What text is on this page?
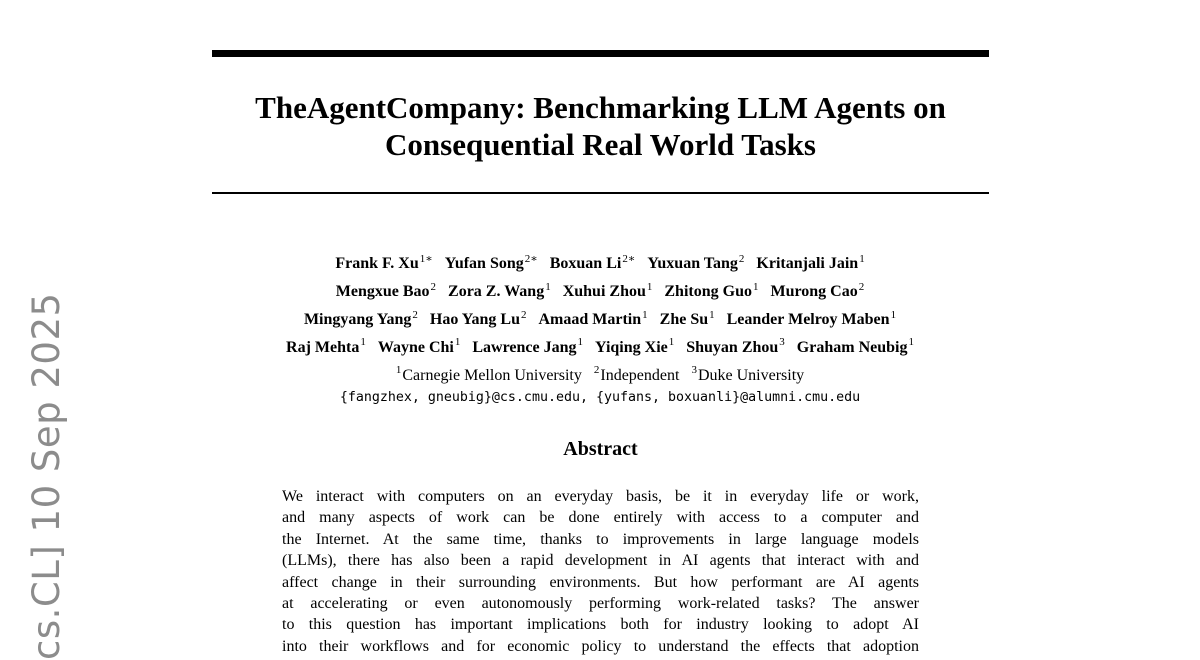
TheAgentCompany: Benchmarking LLM Agents on
Consequential Real World Tasks
Frank F. $Xu^{1∗}$ Yufan Song$^{2∗}$ Boxuan $Li^{2∗}$ Yuxuan Tang$^2$ Kritanjali Jain$^1$
Mengxue Bao$^2$ Zora Z. Wang$^1$ Xuhui Zhou$^1$ Zhitong Guo$^1$ Murong Cao$^2$
Mingyang Yang$^2$ Hao Yang Lu$^2$ Amaad Martin$^1$ Zhe Su$^1$ Leander Melroy Maben$^1$
Raj Mehta$^1$ Wayne Chi$^1$ Lawrence Jang$^1$ Yiqing Xie$^1$ Shuyan Zhou$^3$ Graham Neubig$^1$
$^1$Carnegie Mellon University $^2$Independent $^3$Duke University
{fangzhex, gneubig}@cs.cmu.edu, {yufans, boxuanli}@alumni.cmu.edu
Abstract
We interact with computers on an everyday basis, be it in everyday life or work,
and many aspects of work can be done entirely with access to a computer and
the Internet. At the same time, thanks to improvements in large language models
(LLMs), there has also been a rapid development in AI agents that interact with and
affect change in their surrounding environments. But how performant are AI agents
at accelerating or even autonomously performing work-related tasks? The answer
to this question has important implications both for industry looking to adopt AI
into their workflows and for economic policy to understand the effects that adoption
cs.CL] 10 Sep 2025
